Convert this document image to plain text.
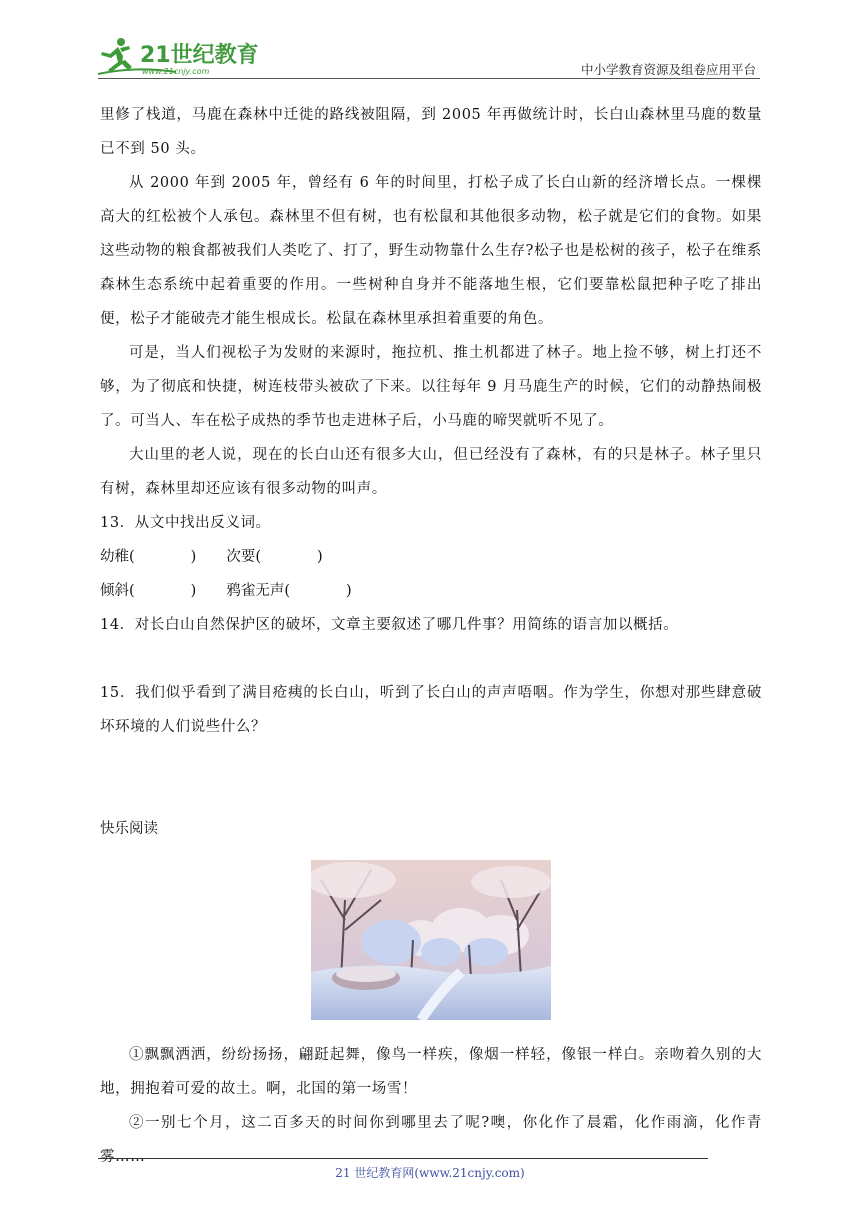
21世纪教育
www.21cnjy.com	中小学教育资源及组卷应用平台

里修了栈道，马鹿在森林中迁徙的路线被阻隔，到 2005 年再做统计时，长白山森林里马鹿的数量已不到 50 头。

从 2000 年到 2005 年，曾经有 6 年的时间里，打松子成了长白山新的经济增长点。一棵棵高大的红松被个人承包。森林里不但有树，也有松鼠和其他很多动物，松子就是它们的食物。如果这些动物的粮食都被我们人类吃了、打了，野生动物靠什么生存?松子也是松树的孩子，松子在维系森林生态系统中起着重要的作用。一些树种自身并不能落地生根，它们要靠松鼠把种子吃了排出便，松子才能破壳才能生根成长。松鼠在森林里承担着重要的角色。

可是，当人们视松子为发财的来源时，拖拉机、推土机都进了林子。地上捡不够，树上打还不够，为了彻底和快捷，树连枝带头被砍了下来。以往每年 9 月马鹿生产的时候，它们的动静热闹极了。可当人、车在松子成热的季节也走进林子后，小马鹿的啼哭就听不见了。

大山里的老人说，现在的长白山还有很多大山，但已经没有了森林，有的只是林子。林子里只有树，森林里却还应该有很多动物的叫声。

13．从文中找出反义词。

幼稚(	) 次要(	)

倾斜(	) 鸦雀无声(	)

14．对长白山自然保护区的破坏，文章主要叙述了哪几件事？用简练的语言加以概括。

15．我们似乎看到了满目疮痍的长白山，听到了长白山的声声唔咽。作为学生，你想对那些肆意破坏环境的人们说些什么？

快乐阅读

①飘飘洒洒，纷纷扬扬，翩跹起舞，像鸟一样疾，像烟一样轻，像银一样白。亲吻着久别的大地，拥抱着可爱的故土。啊，北国的第一场雪！

②一别七个月，这二百多天的时间你到哪里去了呢?噢，你化作了晨霜，化作雨滴，化作青雾……

21 世纪教育网(www.21cnjy.com)
